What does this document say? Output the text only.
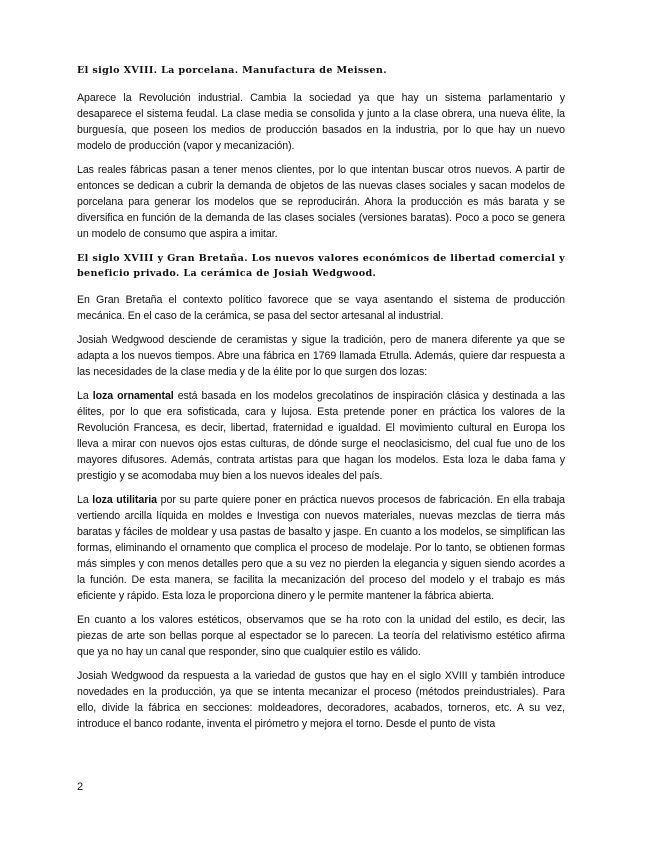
El siglo XVIII. La porcelana. Manufactura de Meissen.

Aparece la Revolución industrial. Cambia la sociedad ya que hay un sistema parlamentario y desaparece el sistema feudal. La clase media se consolida y junto a la clase obrera, una nueva élite, la burguesía, que poseen los medios de producción basados en la industria, por lo que hay un nuevo modelo de producción (vapor y mecanización).

Las reales fábricas pasan a tener menos clientes, por lo que intentan buscar otros nuevos. A partir de entonces se dedican a cubrir la demanda de objetos de las nuevas clases sociales y sacan modelos de porcelana para generar los modelos que se reproducirán. Ahora la producción es más barata y se diversifica en función de la demanda de las clases sociales (versiones baratas). Poco a poco se genera un modelo de consumo que aspira a imitar.

El siglo XVIII y Gran Bretaña. Los nuevos valores económicos de libertad comercial y beneficio privado. La cerámica de Josiah Wedgwood.

En Gran Bretaña el contexto político favorece que se vaya asentando el sistema de producción mecánica. En el caso de la cerámica, se pasa del sector artesanal al industrial.

Josiah Wedgwood desciende de ceramistas y sigue la tradición, pero de manera diferente ya que se adapta a los nuevos tiempos. Abre una fábrica en 1769 llamada Etrulla. Además, quiere dar respuesta a las necesidades de la clase media y de la élite por lo que surgen dos lozas:

La loza ornamental está basada en los modelos grecolatinos de inspiración clásica y destinada a las élites, por lo que era sofisticada, cara y lujosa. Esta pretende poner en práctica los valores de la Revolución Francesa, es decir, libertad, fraternidad e igualdad. El movimiento cultural en Europa los lleva a mirar con nuevos ojos estas culturas, de dónde surge el neoclasicismo, del cual fue uno de los mayores difusores. Además, contrata artistas para que hagan los modelos. Esta loza le daba fama y prestigio y se acomodaba muy bien a los nuevos ideales del país.

La loza utilitaria por su parte quiere poner en práctica nuevos procesos de fabricación. En ella trabaja vertiendo arcilla líquida en moldes e Investiga con nuevos materiales, nuevas mezclas de tierra más baratas y fáciles de moldear y usa pastas de basalto y jaspe. En cuanto a los modelos, se simplifican las formas, eliminando el ornamento que complica el proceso de modelaje. Por lo tanto, se obtienen formas más simples y con menos detalles pero que a su vez no pierden la elegancia y siguen siendo acordes a la función. De esta manera, se facilita la mecanización del proceso del modelo y el trabajo es más eficiente y rápido. Esta loza le proporciona dinero y le permite mantener la fábrica abierta.

En cuanto a los valores estéticos, observamos que se ha roto con la unidad del estilo, es decir, las piezas de arte son bellas porque al espectador se lo parecen. La teoría del relativismo estético afirma que ya no hay un canal que responder, sino que cualquier estilo es válido.

Josiah Wedgwood da respuesta a la variedad de gustos que hay en el siglo XVIII y también introduce novedades en la producción, ya que se intenta mecanizar el proceso (métodos preindustriales). Para ello, divide la fábrica en secciones: moldeadores, decoradores, acabados, torneros, etc. A su vez, introduce el banco rodante, inventa el pirómetro y mejora el torno. Desde el punto de vista

2
